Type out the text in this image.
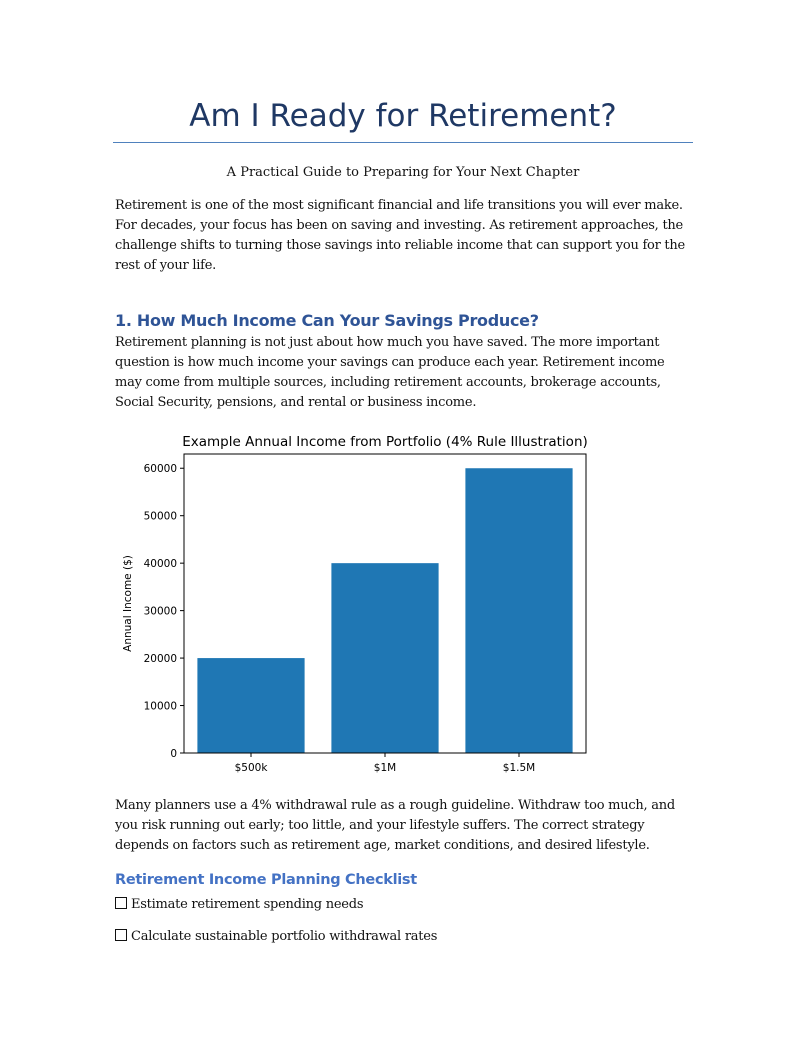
Am I Ready for Retirement?
A Practical Guide to Preparing for Your Next Chapter

Retirement is one of the most significant financial and life transitions you will ever make. For decades, your focus has been on saving and investing. As retirement approaches, the challenge shifts to turning those savings into reliable income that can support you for the rest of your life.

1. How Much Income Can Your Savings Produce?

Retirement planning is not just about how much you have saved. The more important question is how much income your savings can produce each year. Retirement income may come from multiple sources, including retirement accounts, brokerage accounts, Social Security, pensions, and rental or business income.

Example Annual Income from Portfolio (4% Rule Illustration)
$500k	$1M	$1.5M
0
10000
20000
30000
40000
50000
60000
Annual Income ($)

Many planners use a 4% withdrawal rule as a rough guideline. Withdraw too much, and you risk running out early; too little, and your lifestyle suffers. The correct strategy depends on factors such as retirement age, market conditions, and desired lifestyle.

Retirement Income Planning Checklist
Estimate retirement spending needs
Calculate sustainable portfolio withdrawal rates
